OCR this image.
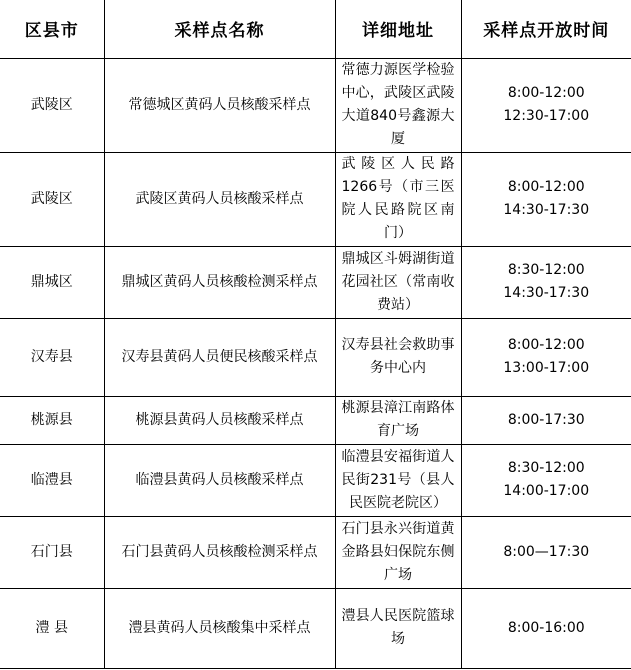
区县市	采样点名称	详细地址	采样点开放时间
武陵区	常德城区黄码人员核酸采样点	常德力源医学检验中心，武陵区武陵大道840号鑫源大厦	8:00-12:00
12:30-17:00

武陵区	武陵区黄码人员核酸采样点	武陵区人民路1266号（市三医院人民路院区南门）	8:00-12:00
14:30-17:30

鼎城区	鼎城区黄码人员核酸检测采样点	鼎城区斗姆湖街道花园社区（常南收费站）	8:30-12:00
14:30-17:30

汉寿县	汉寿县黄码人员便民核酸采样点	汉寿县社会救助事务中心内	8:00-12:00
13:00-17:00

桃源县	桃源县黄码人员核酸采样点	桃源县漳江南路体育广场	8:00-17:30

临澧县	临澧县黄码人员核酸采样点	临澧县安福街道人民街231号（县人民医院老院区）	8:30-12:00
14:00-17:00

石门县	石门县黄码人员核酸检测采样点	石门县永兴街道黄金路县妇保院东侧广场	8:00—17:30

澧 县	澧县黄码人员核酸集中采样点	澧县人民医院篮球场	8:00-16:00
